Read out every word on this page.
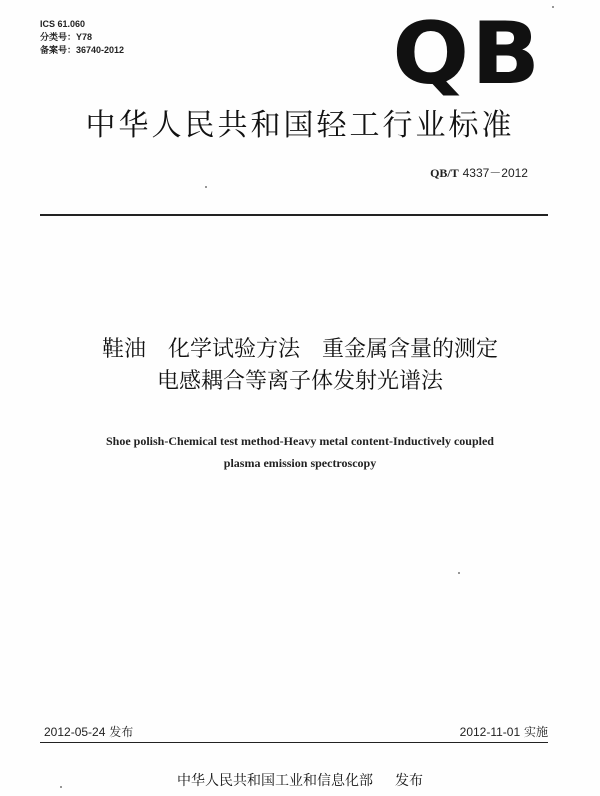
ICS 61.060
分类号：Y78
备案号：36740-2012	QB
中华人民共和国轻工行业标准
QB/T 4337－2012
鞋油　化学试验方法　重金属含量的测定
电感耦合等离子体发射光谱法
Shoe polish-Chemical test method-Heavy metal content-Inductively coupled
plasma emission spectroscopy
2012-05-24 发布	2012-11-01 实施
中华人民共和国工业和信息化部 发布
